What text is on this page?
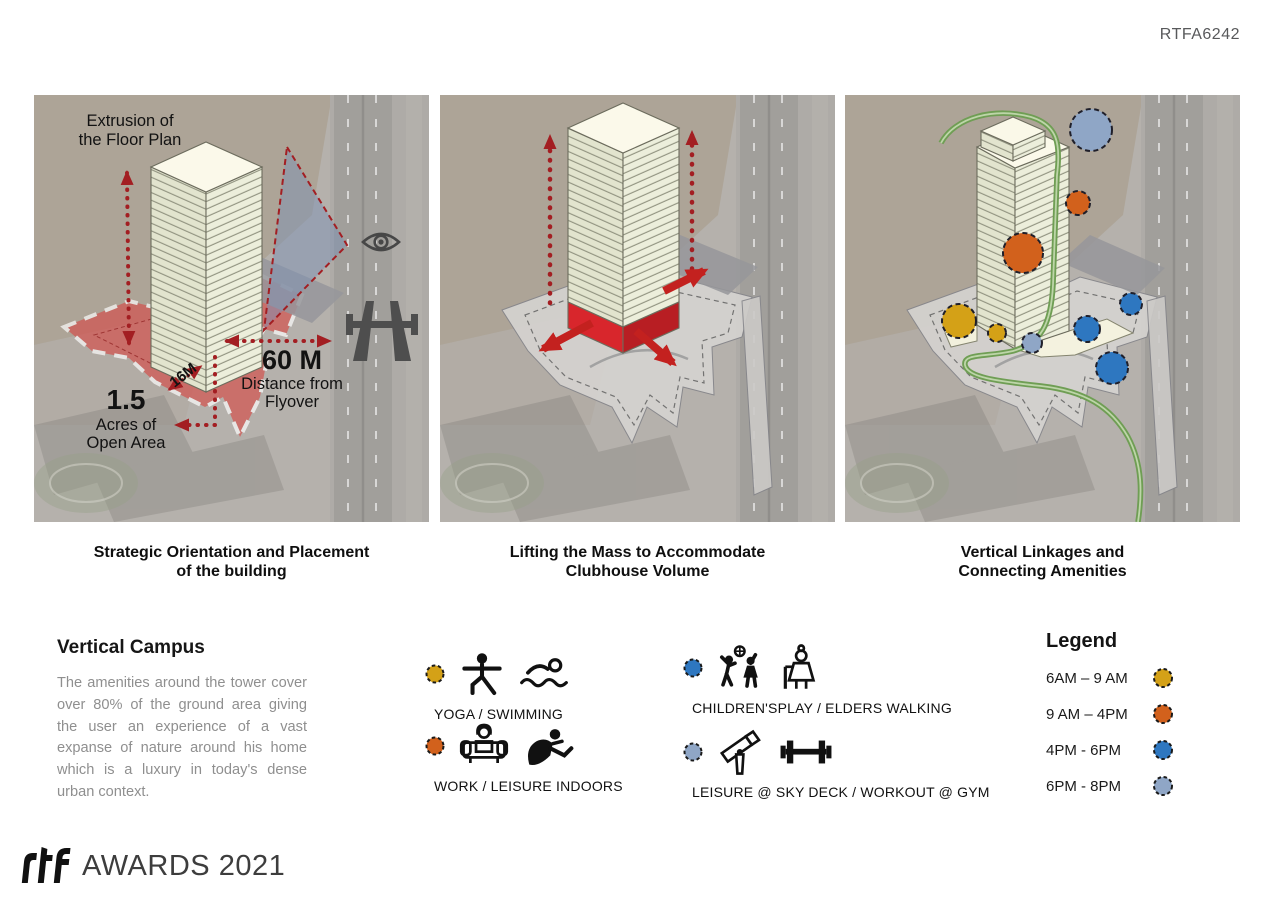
RTFA6242
Extrusion of
the Floor Plan
60 M
Distance from
Flyover
16M
1.5
Acres of
Open Area
Strategic Orientation and Placement
of the building
Lifting the Mass to Accommodate
Clubhouse Volume
Vertical Linkages and
Connecting Amenities
Vertical Campus
The amenities around the tower cover over 80% of the ground area giving the user an experience of a vast expanse of nature around his home which is a luxury in today's dense urban context.
YOGA / SWIMMING
WORK / LEISURE INDOORS
CHILDREN'SPLAY / ELDERS WALKING
LEISURE @ SKY DECK / WORKOUT @ GYM
Legend
6AM – 9 AM
9 AM – 4PM
4PM - 6PM
6PM - 8PM
AWARDS 2021
